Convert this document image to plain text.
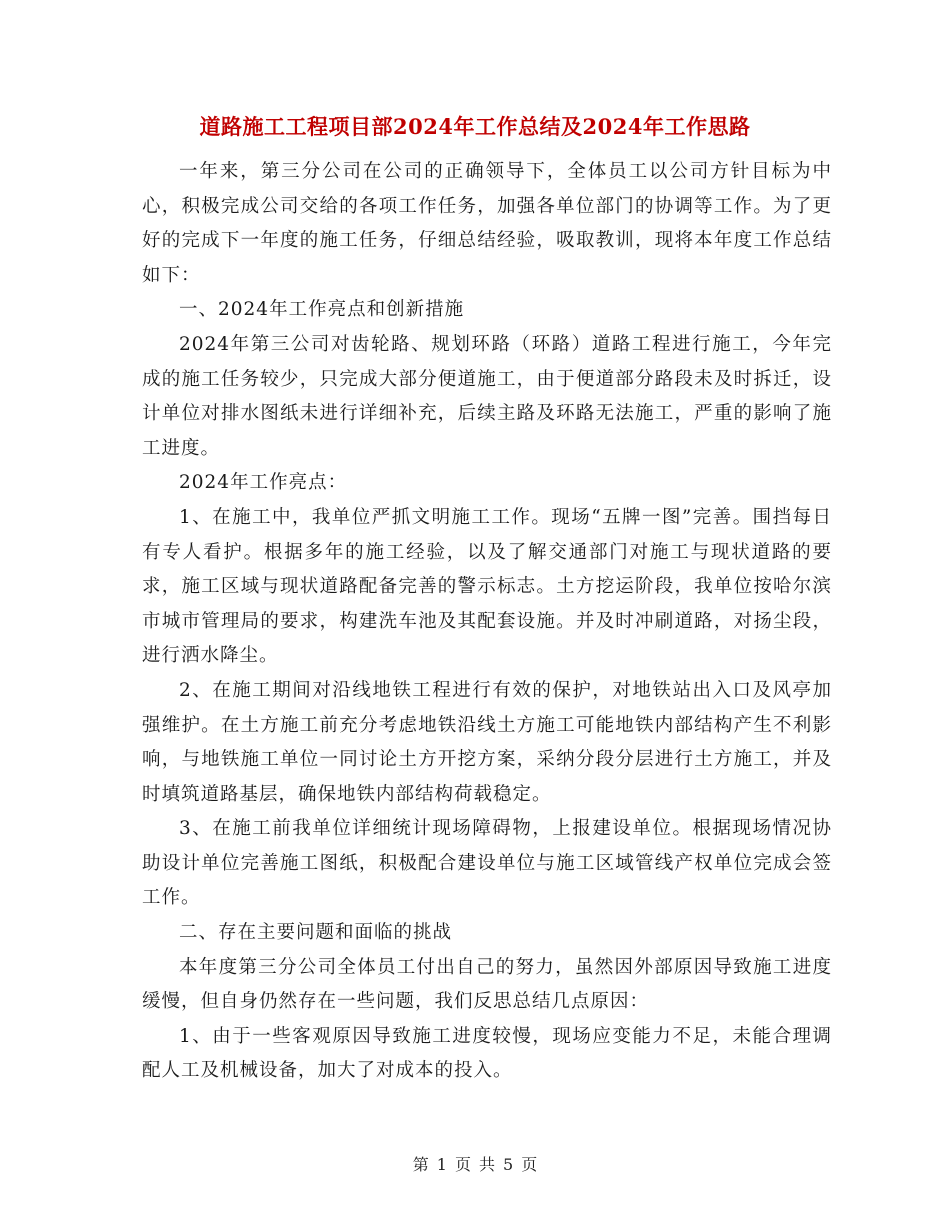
道路施工工程项目部2024年工作总结及2024年工作思路

一年来，第三分公司在公司的正确领导下，全体员工以公司方针目标为中心，积极完成公司交给的各项工作任务，加强各单位部门的协调等工作。为了更好的完成下一年度的施工任务，仔细总结经验，吸取教训，现将本年度工作总结如下：

一、2024年工作亮点和创新措施

2024年第三公司对齿轮路、规划环路（环路）道路工程进行施工，今年完成的施工任务较少，只完成大部分便道施工，由于便道部分路段未及时拆迁，设计单位对排水图纸未进行详细补充，后续主路及环路无法施工，严重的影响了施工进度。

2024年工作亮点：

1、在施工中，我单位严抓文明施工工作。现场“五牌一图”完善。围挡每日有专人看护。根据多年的施工经验，以及了解交通部门对施工与现状道路的要求，施工区域与现状道路配备完善的警示标志。土方挖运阶段，我单位按哈尔滨市城市管理局的要求，构建洗车池及其配套设施。并及时冲刷道路，对扬尘段，进行洒水降尘。

2、在施工期间对沿线地铁工程进行有效的保护，对地铁站出入口及风亭加强维护。在土方施工前充分考虑地铁沿线土方施工可能地铁内部结构产生不利影响，与地铁施工单位一同讨论土方开挖方案，采纳分段分层进行土方施工，并及时填筑道路基层，确保地铁内部结构荷载稳定。

3、在施工前我单位详细统计现场障碍物，上报建设单位。根据现场情况协助设计单位完善施工图纸，积极配合建设单位与施工区域管线产权单位完成会签工作。

二、存在主要问题和面临的挑战

本年度第三分公司全体员工付出自己的努力，虽然因外部原因导致施工进度缓慢，但自身仍然存在一些问题，我们反思总结几点原因：

1、由于一些客观原因导致施工进度较慢，现场应变能力不足，未能合理调配人工及机械设备，加大了对成本的投入。

第 1 页 共 5 页
